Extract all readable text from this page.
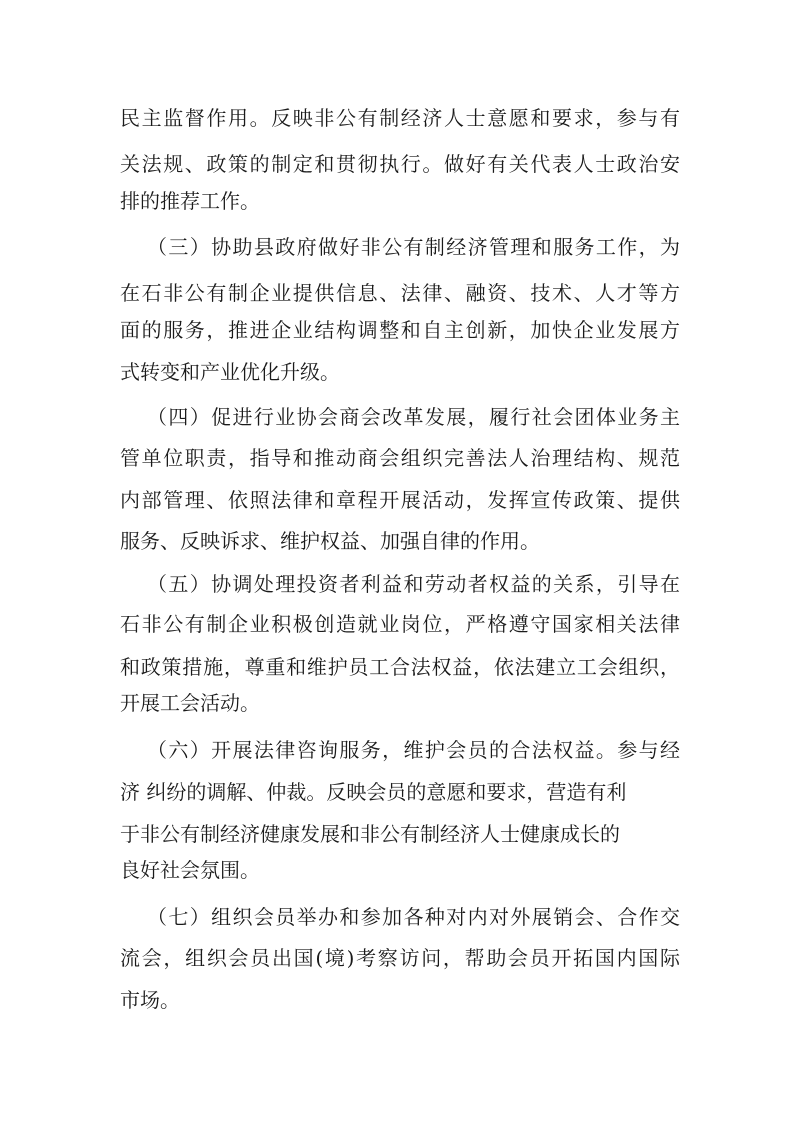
民主监督作用。反映非公有制经济人士意愿和要求，参与有
关法规、政策的制定和贯彻执行。做好有关代表人士政治安
排的推荐工作。
（三）协助县政府做好非公有制经济管理和服务工作，为
在石非公有制企业提供信息、法律、融资、技术、人才等方
面的服务，推进企业结构调整和自主创新，加快企业发展方
式转变和产业优化升级。
（四）促进行业协会商会改革发展，履行社会团体业务主
管单位职责，指导和推动商会组织完善法人治理结构、规范
内部管理、依照法律和章程开展活动，发挥宣传政策、提供
服务、反映诉求、维护权益、加强自律的作用。
（五）协调处理投资者利益和劳动者权益的关系，引导在
石非公有制企业积极创造就业岗位，严格遵守国家相关法律
和政策措施，尊重和维护员工合法权益，依法建立工会组织，
开展工会活动。
（六）开展法律咨询服务，维护会员的合法权益。参与经
济 纠纷的调解、仲裁。反映会员的意愿和要求，营造有利
于非公有制经济健康发展和非公有制经济人士健康成长的
良好社会氛围。
（七）组织会员举办和参加各种对内对外展销会、合作交
流会，组织会员出国(境)考察访问，帮助会员开拓国内国际
市场。
